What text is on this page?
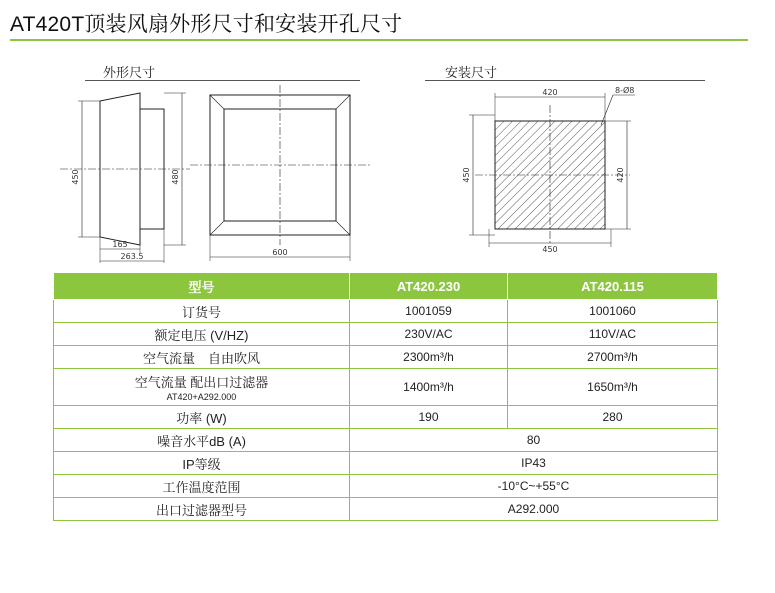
AT420T顶装风扇外形尺寸和安装开孔尺寸
外形尺寸
450	480
165
263.5	600
安装尺寸
420	8-Ø8
450	420
450
型号	AT420.230	AT420.115
订货号	1001059	1001060
额定电压 (V/HZ)	230V/AC	110V/AC
空气流量　自由吹风	2300m³/h	2700m³/h
空气流量 配出口过滤器
AT420+A292.000	1400m³/h	1650m³/h
功率 (W)	190	280
噪音水平dB (A)	80	
IP等级	IP43	
工作温度范围	-10°C~+55°C	
出口过滤器型号	A292.000	
